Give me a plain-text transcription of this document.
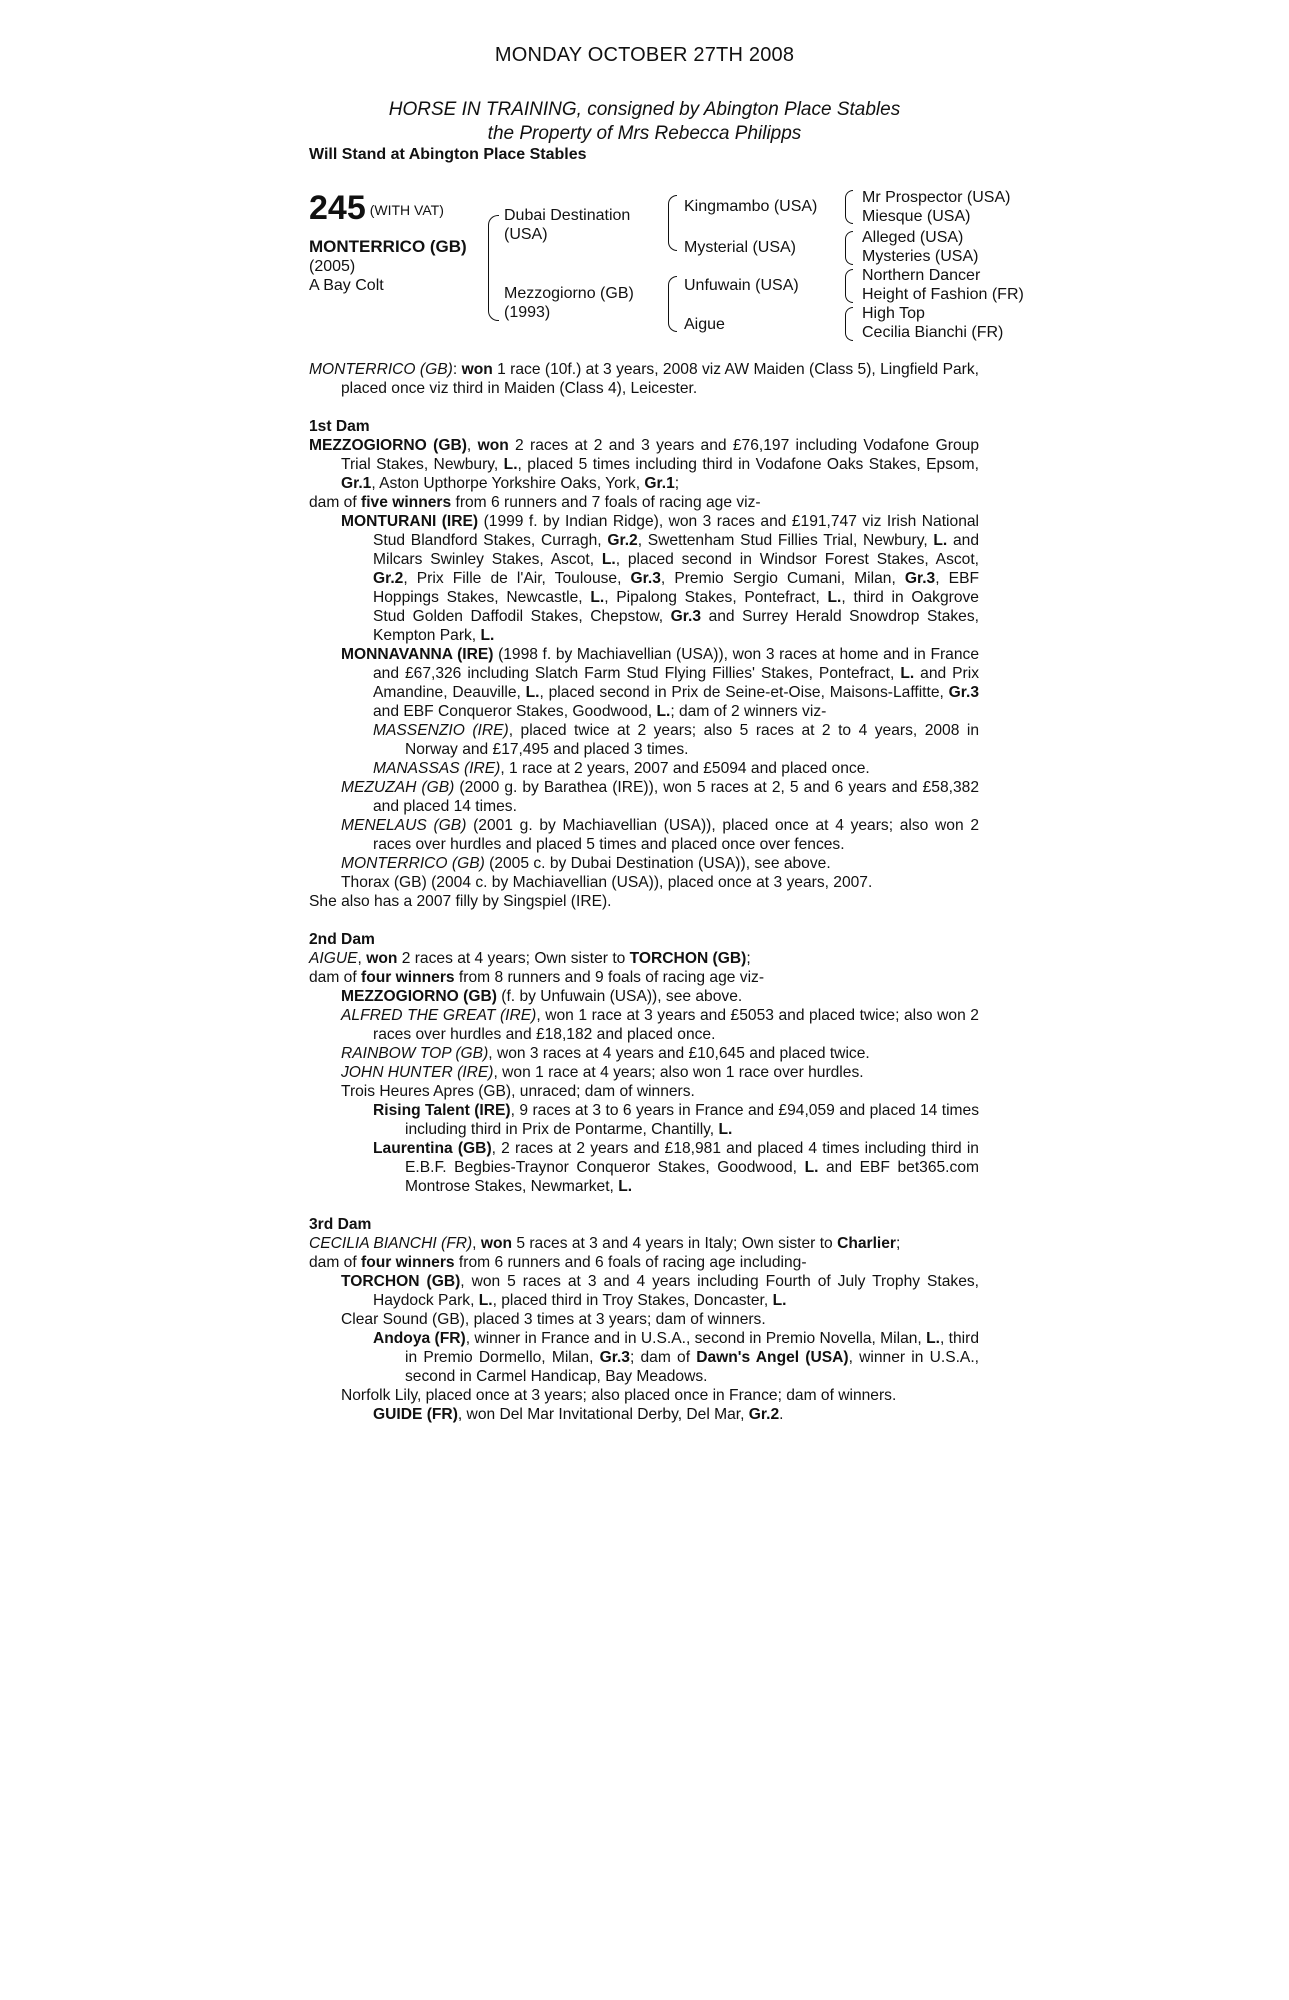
MONDAY OCTOBER 27TH 2008
HORSE IN TRAINING, consigned by Abington Place Stables
the Property of Mrs Rebecca Philipps
Will Stand at Abington Place Stables
245 (WITH VAT)
MONTERRICO (GB)
(2005)
A Bay Colt
Dubai Destination
(USA)
Mezzogiorno (GB)
(1993)
Kingmambo (USA)
Mysterial (USA)
Unfuwain (USA)
Aigue
Mr Prospector (USA)
Miesque (USA)
Alleged (USA)
Mysteries (USA)
Northern Dancer
Height of Fashion (FR)
High Top
Cecilia Bianchi (FR)

MONTERRICO (GB): won 1 race (10f.) at 3 years, 2008 viz AW Maiden (Class 5), Lingfield Park, placed once viz third in Maiden (Class 4), Leicester.

1st Dam

MEZZOGIORNO (GB), won 2 races at 2 and 3 years and £76,197 including Vodafone Group Trial Stakes, Newbury, L., placed 5 times including third in Vodafone Oaks Stakes, Epsom, Gr.1, Aston Upthorpe Yorkshire Oaks, York, Gr.1;

dam of five winners from 6 runners and 7 foals of racing age viz-

MONTURANI (IRE) (1999 f. by Indian Ridge), won 3 races and £191,747 viz Irish National Stud Blandford Stakes, Curragh, Gr.2, Swettenham Stud Fillies Trial, Newbury, L. and Milcars Swinley Stakes, Ascot, L., placed second in Windsor Forest Stakes, Ascot, Gr.2, Prix Fille de l'Air, Toulouse, Gr.3, Premio Sergio Cumani, Milan, Gr.3, EBF Hoppings Stakes, Newcastle, L., Pipalong Stakes, Pontefract, L., third in Oakgrove Stud Golden Daffodil Stakes, Chepstow, Gr.3 and Surrey Herald Snowdrop Stakes, Kempton Park, L.

MONNAVANNA (IRE) (1998 f. by Machiavellian (USA)), won 3 races at home and in France and £67,326 including Slatch Farm Stud Flying Fillies' Stakes, Pontefract, L. and Prix Amandine, Deauville, L., placed second in Prix de Seine-et-Oise, Maisons-Laffitte, Gr.3 and EBF Conqueror Stakes, Goodwood, L.; dam of 2 winners viz-

MASSENZIO (IRE), placed twice at 2 years; also 5 races at 2 to 4 years, 2008 in Norway and £17,495 and placed 3 times.

MANASSAS (IRE), 1 race at 2 years, 2007 and £5094 and placed once.

MEZUZAH (GB) (2000 g. by Barathea (IRE)), won 5 races at 2, 5 and 6 years and £58,382 and placed 14 times.

MENELAUS (GB) (2001 g. by Machiavellian (USA)), placed once at 4 years; also won 2 races over hurdles and placed 5 times and placed once over fences.

MONTERRICO (GB) (2005 c. by Dubai Destination (USA)), see above.

Thorax (GB) (2004 c. by Machiavellian (USA)), placed once at 3 years, 2007.

She also has a 2007 filly by Singspiel (IRE).

2nd Dam

AIGUE, won 2 races at 4 years; Own sister to TORCHON (GB);

dam of four winners from 8 runners and 9 foals of racing age viz-

MEZZOGIORNO (GB) (f. by Unfuwain (USA)), see above.

ALFRED THE GREAT (IRE), won 1 race at 3 years and £5053 and placed twice; also won 2 races over hurdles and £18,182 and placed once.

RAINBOW TOP (GB), won 3 races at 4 years and £10,645 and placed twice.

JOHN HUNTER (IRE), won 1 race at 4 years; also won 1 race over hurdles.

Trois Heures Apres (GB), unraced; dam of winners.

Rising Talent (IRE), 9 races at 3 to 6 years in France and £94,059 and placed 14 times including third in Prix de Pontarme, Chantilly, L.

Laurentina (GB), 2 races at 2 years and £18,981 and placed 4 times including third in E.B.F. Begbies-Traynor Conqueror Stakes, Goodwood, L. and EBF bet365.com Montrose Stakes, Newmarket, L.

3rd Dam

CECILIA BIANCHI (FR), won 5 races at 3 and 4 years in Italy; Own sister to Charlier;

dam of four winners from 6 runners and 6 foals of racing age including-

TORCHON (GB), won 5 races at 3 and 4 years including Fourth of July Trophy Stakes, Haydock Park, L., placed third in Troy Stakes, Doncaster, L.

Clear Sound (GB), placed 3 times at 3 years; dam of winners.

Andoya (FR), winner in France and in U.S.A., second in Premio Novella, Milan, L., third in Premio Dormello, Milan, Gr.3; dam of Dawn's Angel (USA), winner in U.S.A., second in Carmel Handicap, Bay Meadows.

Norfolk Lily, placed once at 3 years; also placed once in France; dam of winners.

GUIDE (FR), won Del Mar Invitational Derby, Del Mar, Gr.2.
